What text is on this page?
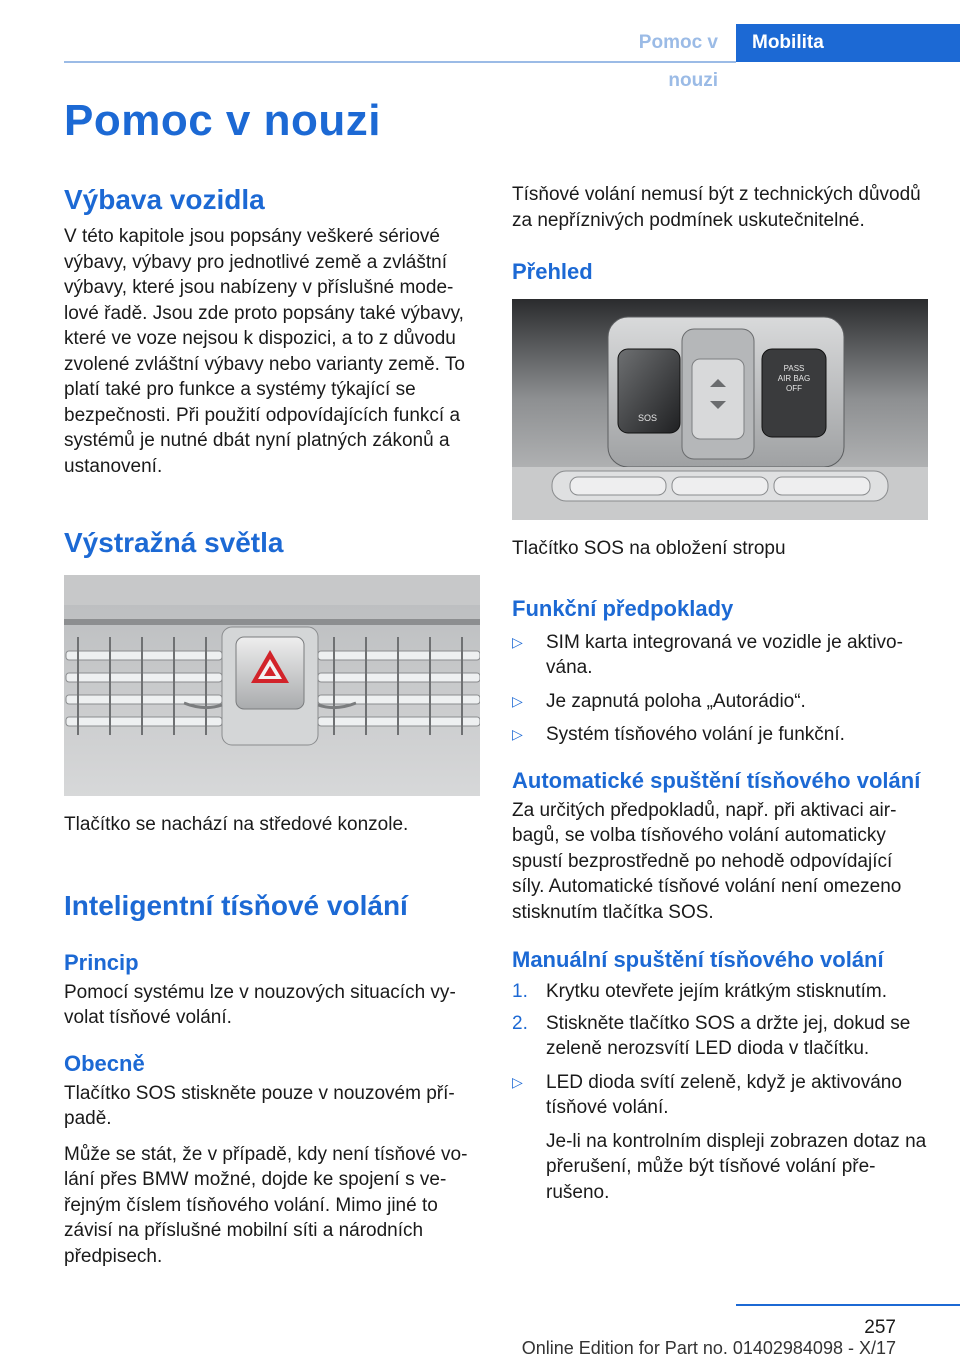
Pomoc v nouzi
Mobilita
Pomoc v nouzi
Výbava vozidla

V této kapitole jsou popsány veškeré sériové výbavy, výbavy pro jednotlivé země a zvláštní výbavy, které jsou nabízeny v příslušné modelové řadě. Jsou zde proto popsány také výbavy, které ve voze nejsou k dispozici, a to z důvodu zvolené zvláštní výbavy nebo varianty země. To platí také pro funkce a systémy týkající se bezpečnosti. Při použití odpovídajících funkcí a systémů je nutné dbát nyní platných zákonů a ustanovení.

Výstražná světla
Tlačítko se nachází na středové konzole.
Inteligentní tísňové volání
Princip

Pomocí systému lze v nouzových situacích vyvolat tísňové volání.

Obecně

Tlačítko SOS stiskněte pouze v nouzovém případě.

Může se stát, že v případě, kdy není tísňové volání přes BMW možné, dojde ke spojení s veřejným číslem tísňového volání. Mimo jiné to závisí na příslušné mobilní síti a národních předpisech.

Tísňové volání nemusí být z technických důvodů za nepříznivých podmínek uskutečnitelné.

Přehled
SOS
PASS
AIR BAG
OFF
Tlačítko SOS na obložení stropu
Funkční předpoklady
▷ SIM karta integrovaná ve vozidle je aktivována.
▷ Je zapnutá poloha „Autorádio“.
▷ Systém tísňového volání je funkční.
Automatické spuštění tísňového volání

Za určitých předpokladů, např. při aktivaci airbagů, se volba tísňového volání automaticky spustí bezprostředně po nehodě odpovídající síly. Automatické tísňové volání není omezeno stisknutím tlačítka SOS.

Manuální spuštění tísňového volání
1. Krytku otevřete jejím krátkým stisknutím.
2. Stiskněte tlačítko SOS a držte jej, dokud se zeleně nerozsvítí LED dioda v tlačítku.
▷ LED dioda svítí zeleně, když je aktivováno tísňové volání.
Je-li na kontrolním displeji zobrazen dotaz na přerušení, může být tísňové volání přerušeno.
257
Online Edition for Part no. 01402984098 - X/17
